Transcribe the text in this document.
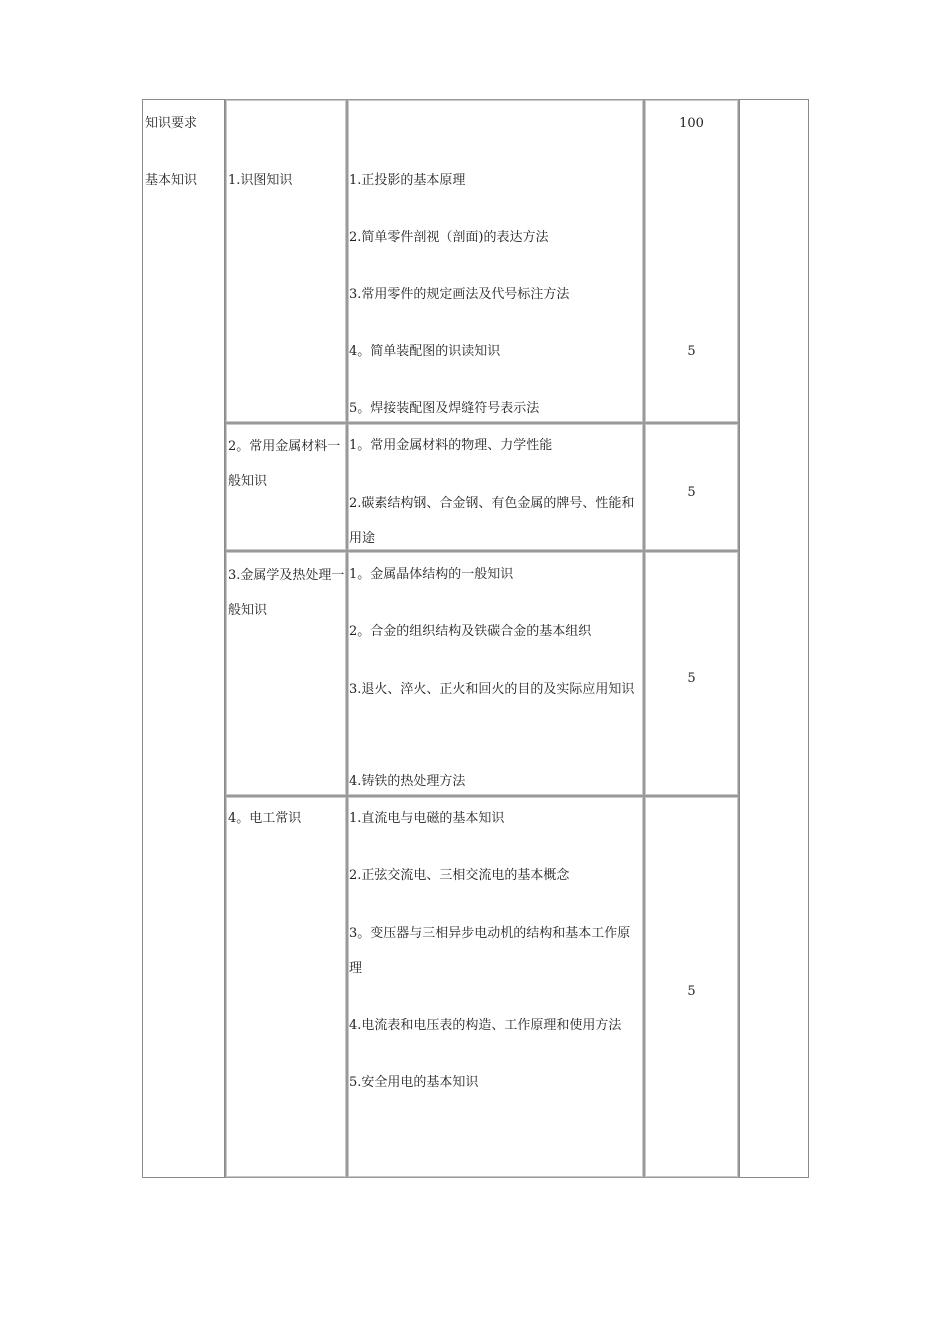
知识要求
基本知识
100
1.识图知识	1.正投影的基本原理
2.简单零件剖视（剖面)的表达方法
3.常用零件的规定画法及代号标注方法
4。简单装配图的识读知识
5。焊接装配图及焊缝符号表示法
5
2。常用金属材料一般知识
1。常用金属材料的物理、力学性能
2.碳素结构钢、合金钢、有色金属的牌号、性能和用途
5
3.金属学及热处理一般知识
1。金属晶体结构的一般知识
2。合金的组织结构及铁碳合金的基本组织
3.退火、淬火、正火和回火的目的及实际应用知识
4.铸铁的热处理方法
5
4。电工常识	1.直流电与电磁的基本知识
2.正弦交流电、三相交流电的基本概念
3。变压器与三相异步电动机的结构和基本工作原理
4.电流表和电压表的构造、工作原理和使用方法
5.安全用电的基本知识
5
